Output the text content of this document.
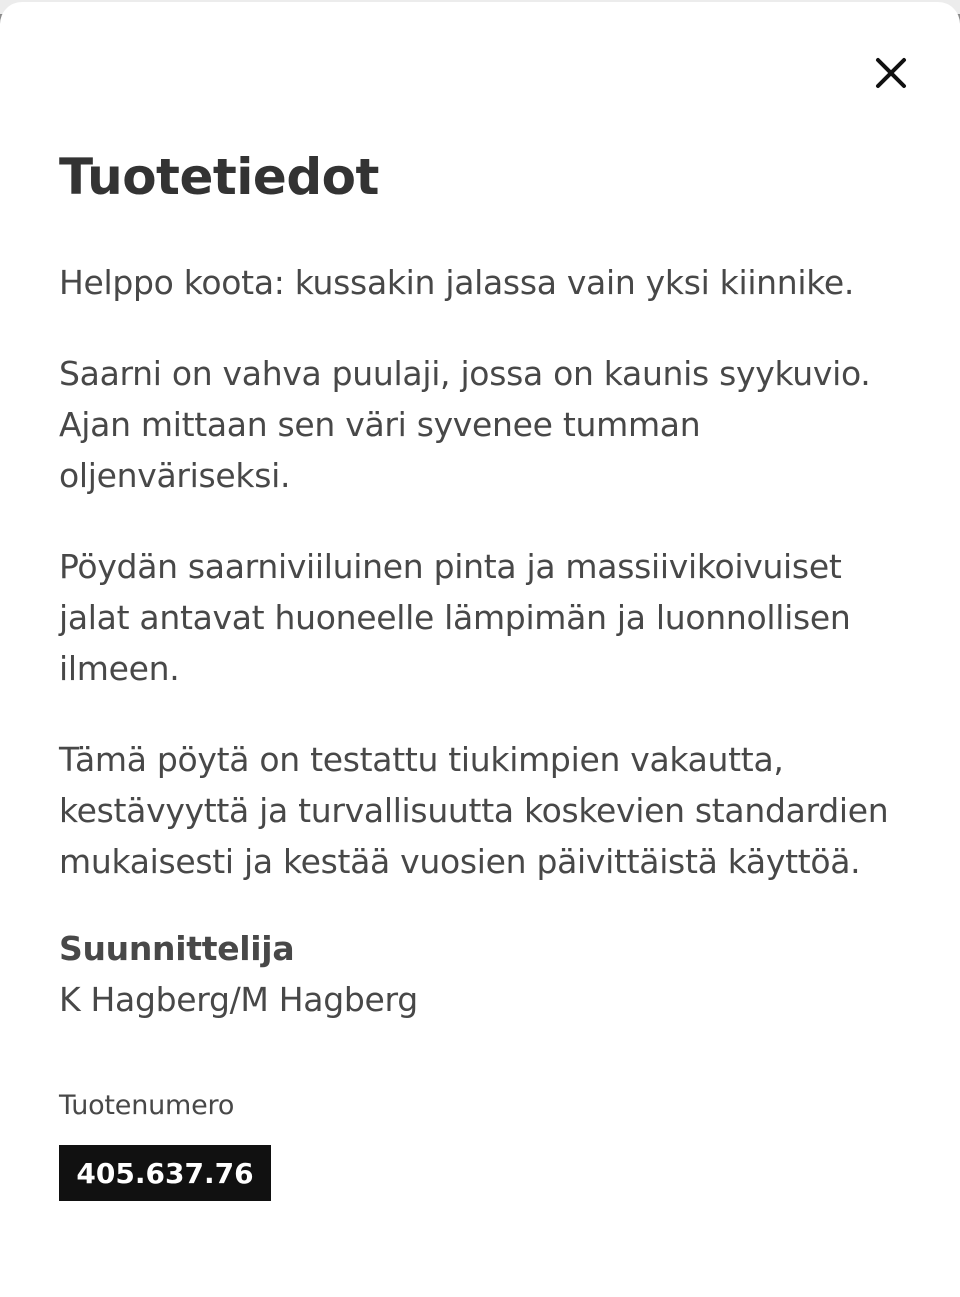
Tuotetiedot

Helppo koota: kussakin jalassa vain yksi kiinnike.

Saarni on vahva puulaji, jossa on kaunis syykuvio. Ajan mittaan sen väri syvenee tumman oljenväriseksi.

Pöydän saarniviiluinen pinta ja massiivikoivuiset jalat antavat huoneelle lämpimän ja luonnollisen ilmeen.

Tämä pöytä on testattu tiukimpien vakautta, kestävyyttä ja turvallisuutta koskevien standardien mukaisesti ja kestää vuosien päivittäistä käyttöä.

Suunnittelija

K Hagberg/M Hagberg

Tuotenumero

405.637.76
